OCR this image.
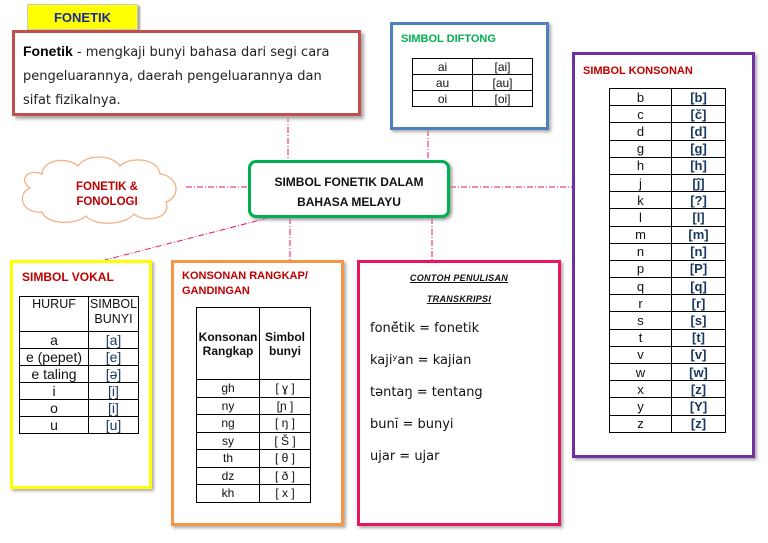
FONETIK
Fonetik - mengkaji bunyi bahasa dari segi cara pengeluarannya, daerah pengeluarannya dan sifat fizikalnya.
FONETIK &
FONOLOGI
SIMBOL FONETIK DALAM
BAHASA MELAYU
SIMBOL DIFTONG
ai	[ai]
au	[au]
oi	[oi]
SIMBOL KONSONAN
b	[b]
c	[č]
d	[d]
g	[g]
h	[h]
j	[ĵ]
k	[?]
l	[l]
m	[m]
n	[n]
p	[P]
q	[q]
r	[r]
s	[s]
t	[t]
v	[v]
w	[w]
x	[z]
y	[Y]
z	[z]
SIMBOL VOKAL
HURUF	SIMBOL BUNYI
a	[a]
e (pepet)	[e]
e taling	[ə]
i	[i]
o	[i]
u	[u]
KONSONAN RANGKAP/
GANDINGAN
Konsonan Rangkap	Simbol bunyi
gh	[ ɣ ]
ny	[ɲ ]
ng	[ ŋ ]
sy	[ Š ]
th	[ θ ]
dz	[ ð ]
kh	[ x ]
CONTOH PENULISAN
TRANSKRIPSI
foně̆tik = fonetik
kajiʸan = kajian
təntaŋ = tentang
bunĭ = bunyi
ujar = ujar
